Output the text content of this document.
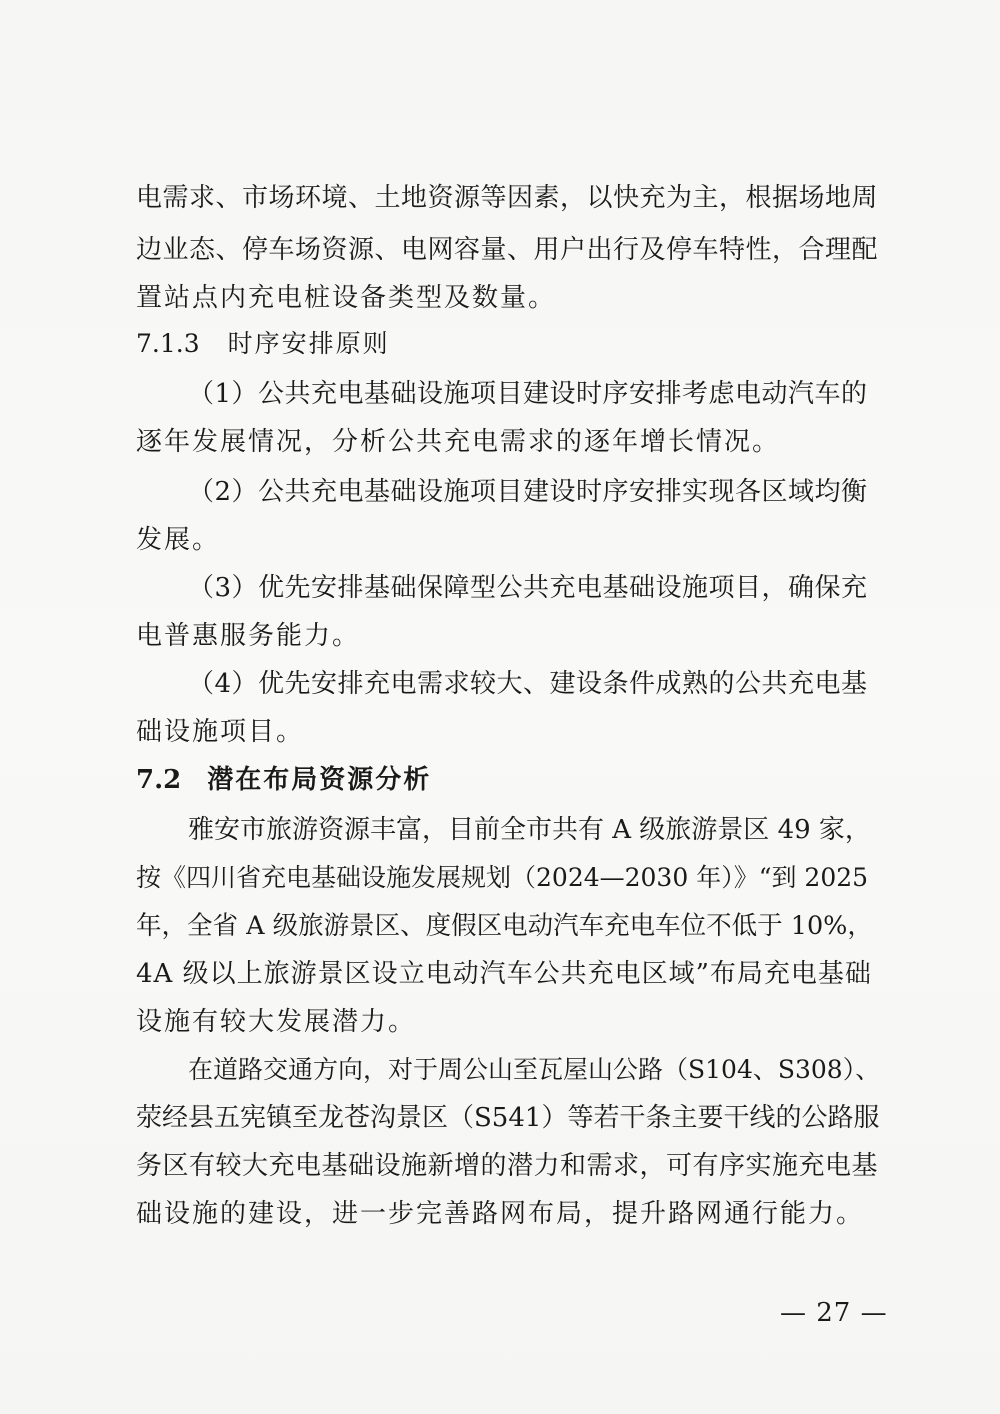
电需求、市场环境、土地资源等因素，以快充为主，根据场地周
边业态、停车场资源、电网容量、用户出行及停车特性，合理配
置站点内充电桩设备类型及数量。
7.1.3 时序安排原则
（1）公共充电基础设施项目建设时序安排考虑电动汽车的
逐年发展情况，分析公共充电需求的逐年增长情况。
（2）公共充电基础设施项目建设时序安排实现各区域均衡
发展。
（3）优先安排基础保障型公共充电基础设施项目，确保充
电普惠服务能力。
（4）优先安排充电需求较大、建设条件成熟的公共充电基
础设施项目。
7.2 潜在布局资源分析
雅安市旅游资源丰富，目前全市共有 A 级旅游景区 49 家，
按《四川省充电基础设施发展规划（2024—2030 年）》“到 2025
年，全省 A 级旅游景区、度假区电动汽车充电车位不低于 10%，
4A 级以上旅游景区设立电动汽车公共充电区域”布局充电基础
设施有较大发展潜力。
在道路交通方向，对于周公山至瓦屋山公路（S104、S308）、
荥经县五宪镇至龙苍沟景区（S541）等若干条主要干线的公路服
务区有较大充电基础设施新增的潜力和需求，可有序实施充电基
础设施的建设，进一步完善路网布局，提升路网通行能力。
— 27 —
